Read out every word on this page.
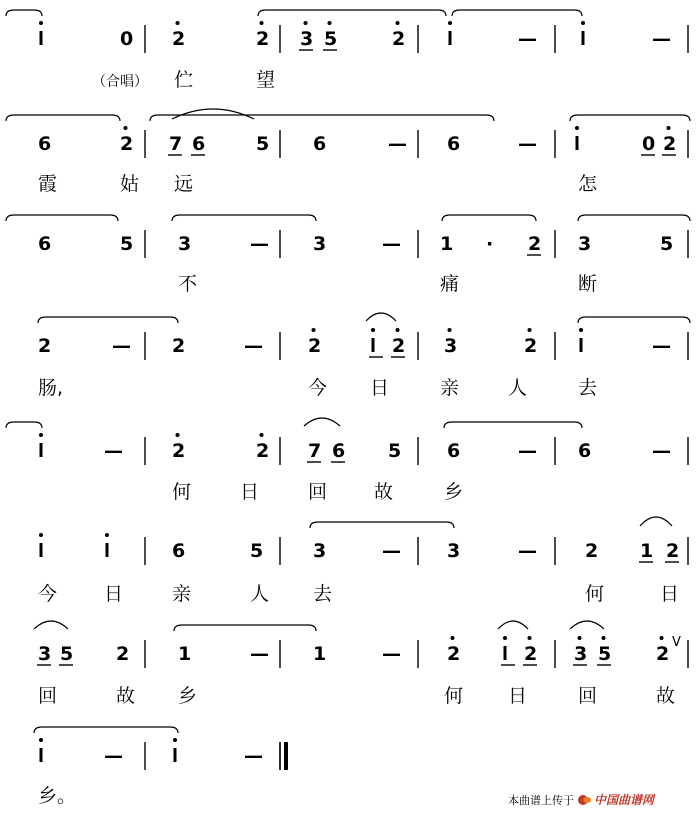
V
0 2	2 3 5	2	—	—
（合唱） 伫	望
6	2 7 6	5 6	— 6	—	0 2
霞	姑 远	怎
6	5 3	— 3	— 1 · 2 3	5
不	痛	断
2	— 2	— 2	2 3	2	—
肠,	今 日	亲	人	去
—	2	2 7 6 5 6	— 6	—
何	日	回 故	乡
6	5	3	— 3	—	2 1 2
今 日	亲	人 去	何	日
3 5 2	1	— 1	— 2	2 3 5 2
回	故 乡	何 日	回	故
—	—
乡。	本曲谱上传于 中国曲谱网
